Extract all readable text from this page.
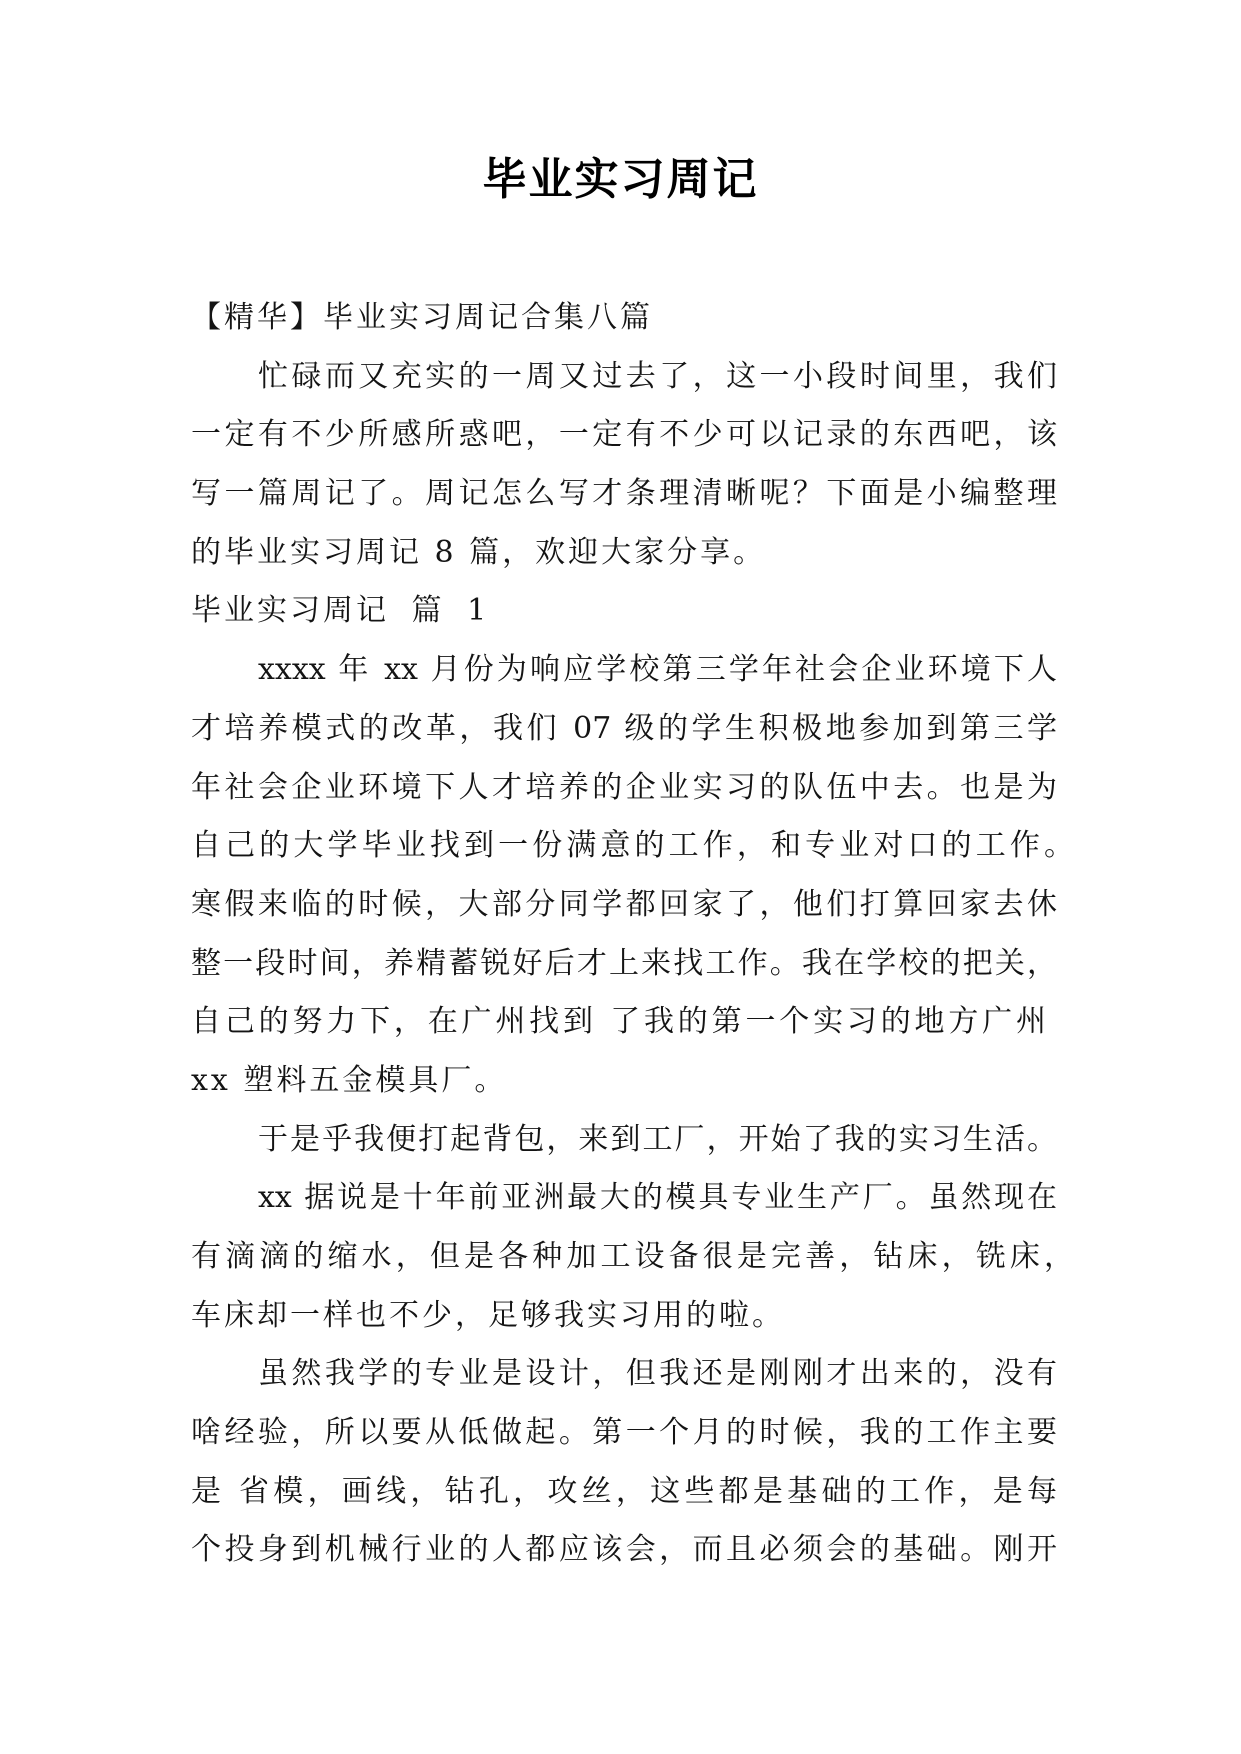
毕业实习周记
【精华】毕业实习周记合集八篇
忙碌而又充实的一周又过去了，这一小段时间里，我们
一定有不少所感所惑吧，一定有不少可以记录的东西吧，该
写一篇周记了。周记怎么写才条理清晰呢？下面是小编整理
的毕业实习周记 8 篇，欢迎大家分享。
毕业实习周记 篇 1
xxxx 年 xx 月份为响应学校第三学年社会企业环境下人
才培养模式的改革，我们 07 级的学生积极地参加到第三学
年社会企业环境下人才培养的企业实习的队伍中去。也是为
自己的大学毕业找到一份满意的工作，和专业对口的工作。
寒假来临的时候，大部分同学都回家了，他们打算回家去休
整一段时间，养精蓄锐好后才上来找工作。我在学校的把关，
自己的努力下，在广州找到 了我的第一个实习的地方广州
xx 塑料五金模具厂。
于是乎我便打起背包，来到工厂，开始了我的实习生活。
xx 据说是十年前亚洲最大的模具专业生产厂。虽然现在
有滴滴的缩水，但是各种加工设备很是完善，钻床，铣床，
车床却一样也不少，足够我实习用的啦。
虽然我学的专业是设计，但我还是刚刚才出来的，没有
啥经验，所以要从低做起。第一个月的时候，我的工作主要
是 省模，画线，钻孔，攻丝，这些都是基础的工作，是每
个投身到机械行业的人都应该会，而且必须会的基础。刚开
